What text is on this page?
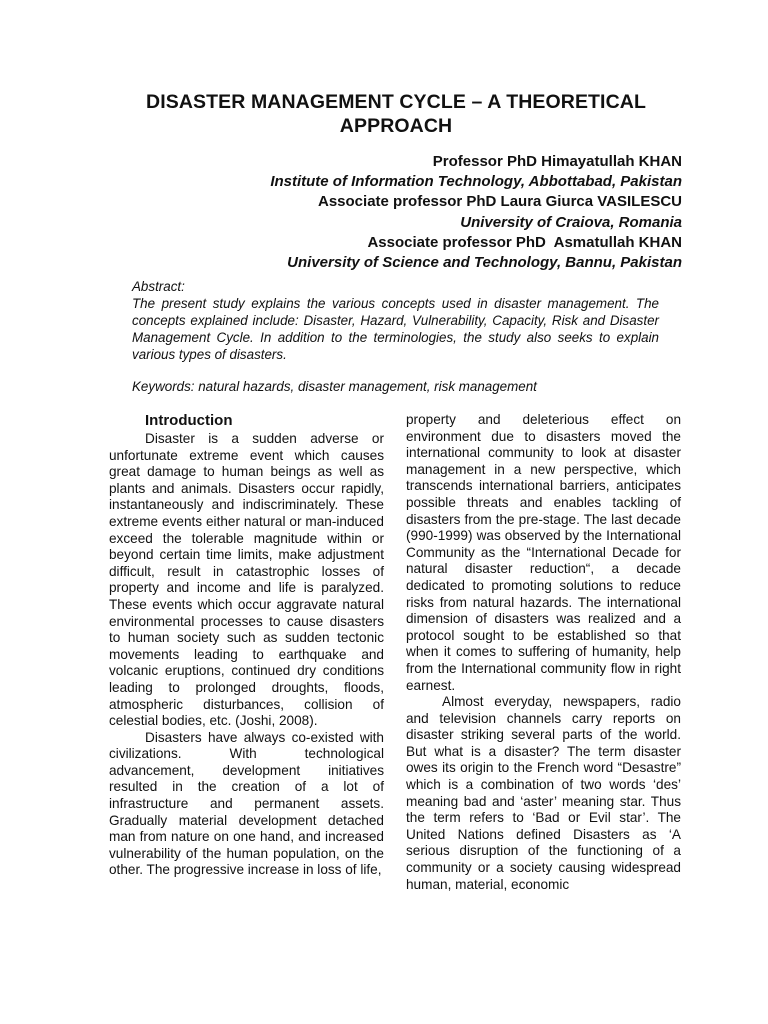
DISASTER MANAGEMENT CYCLE – A THEORETICAL APPROACH
Professor PhD Himayatullah KHAN
Institute of Information Technology, Abbottabad, Pakistan
Associate professor PhD Laura Giurca VASILESCU
University of Craiova, Romania
Associate professor PhD  Asmatullah KHAN
University of Science and Technology, Bannu, Pakistan
Abstract:
The present study explains the various concepts used in disaster management. The concepts explained include: Disaster, Hazard, Vulnerability, Capacity, Risk and Disaster Management Cycle. In addition to the terminologies, the study also seeks to explain various types of disasters.
Keywords: natural hazards, disaster management, risk management
Introduction

Disaster is a sudden adverse or unfortunate extreme event which causes great damage to human beings as well as plants and animals. Disasters occur rapidly, instantaneously and indiscriminately. These extreme events either natural or man-induced exceed the tolerable magnitude within or beyond certain time limits, make adjustment difficult, result in catastrophic losses of property and income and life is paralyzed. These events which occur aggravate natural environmental processes to cause disasters to human society such as sudden tectonic movements leading to earthquake and volcanic eruptions, continued dry conditions leading to prolonged droughts, floods, atmospheric disturbances, collision of celestial bodies, etc. (Joshi, 2008).

Disasters have always co-existed with civilizations. With technological advancement, development initiatives resulted in the creation of a lot of infrastructure and permanent assets. Gradually material development detached man from nature on one hand, and increased vulnerability of the human population, on the other. The progressive increase in loss of life,

property and deleterious effect on environment due to disasters moved the international community to look at disaster management in a new perspective, which transcends international barriers, anticipates possible threats and enables tackling of disasters from the pre-stage. The last decade (990-1999) was observed by the International Community as the “International Decade for natural disaster reduction“, a decade dedicated to promoting solutions to reduce risks from natural hazards. The international dimension of disasters was realized and a protocol sought to be established so that when it comes to suffering of humanity, help from the International community flow in right earnest.

Almost everyday, newspapers, radio and television channels carry reports on disaster striking several parts of the world. But what is a disaster? The term disaster owes its origin to the French word “Desastre” which is a combination of two words ‘des’ meaning bad and ‘aster’ meaning star. Thus the term refers to ‘Bad or Evil star’. The United Nations defined Disasters as ‘A serious disruption of the functioning of a community or a society causing widespread human, material, economic
